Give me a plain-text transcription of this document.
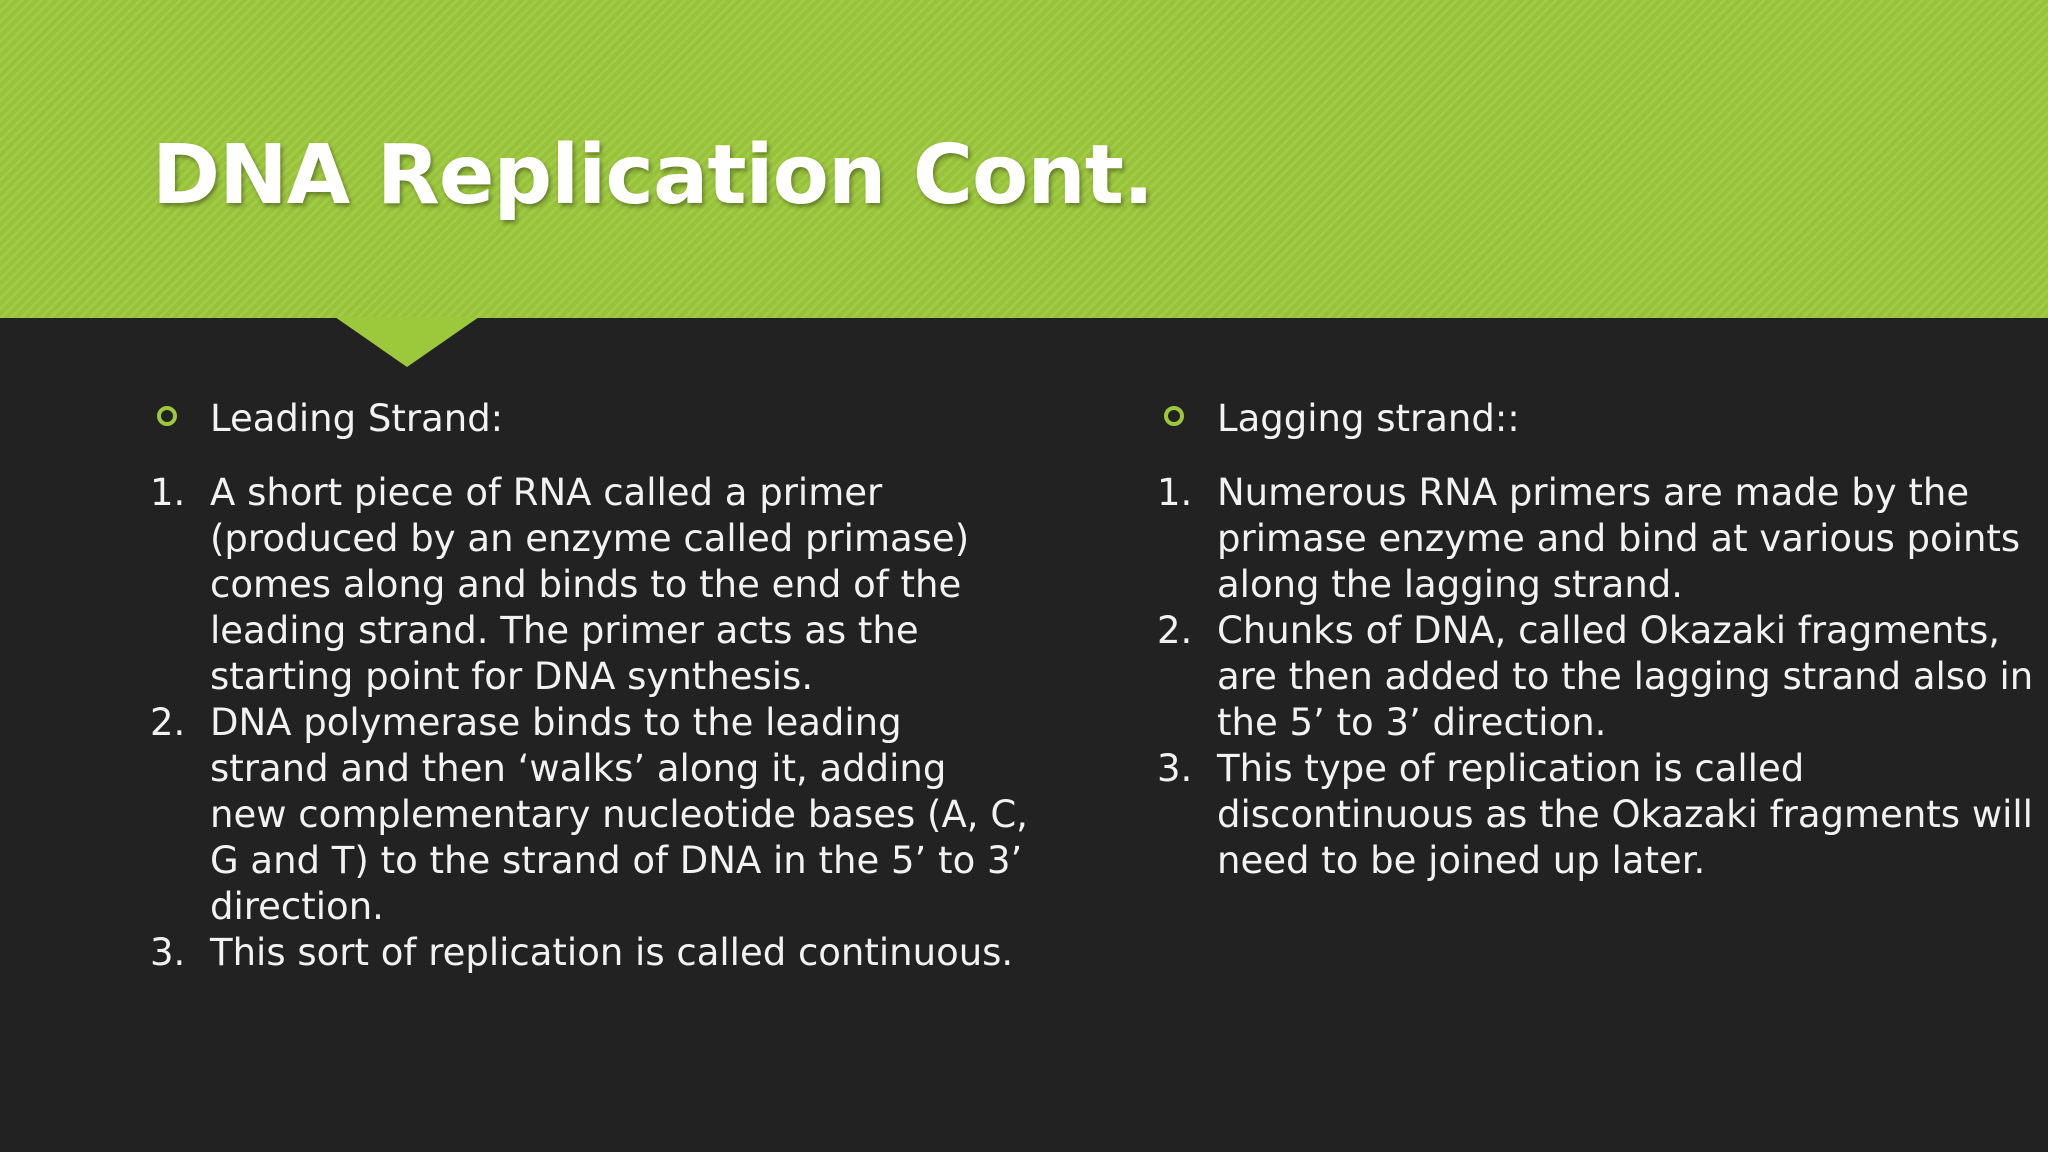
DNA Replication Cont.
Leading Strand:
1. A short piece of RNA called a primer (produced by an enzyme called primase) comes along and binds to the end of the leading strand. The primer acts as the starting point for DNA synthesis.
2. DNA polymerase binds to the leading strand and then ‘walks’ along it, adding new complementary nucleotide bases (A, C, G and T) to the strand of DNA in the 5’ to 3’ direction.
3. This sort of replication is called continuous.
Lagging strand::
1. Numerous RNA primers are made by the primase enzyme and bind at various points along the lagging strand.
2. Chunks of DNA, called Okazaki fragments, are then added to the lagging strand also in the 5’ to 3’ direction.
3. This type of replication is called discontinuous as the Okazaki fragments will need to be joined up later.
